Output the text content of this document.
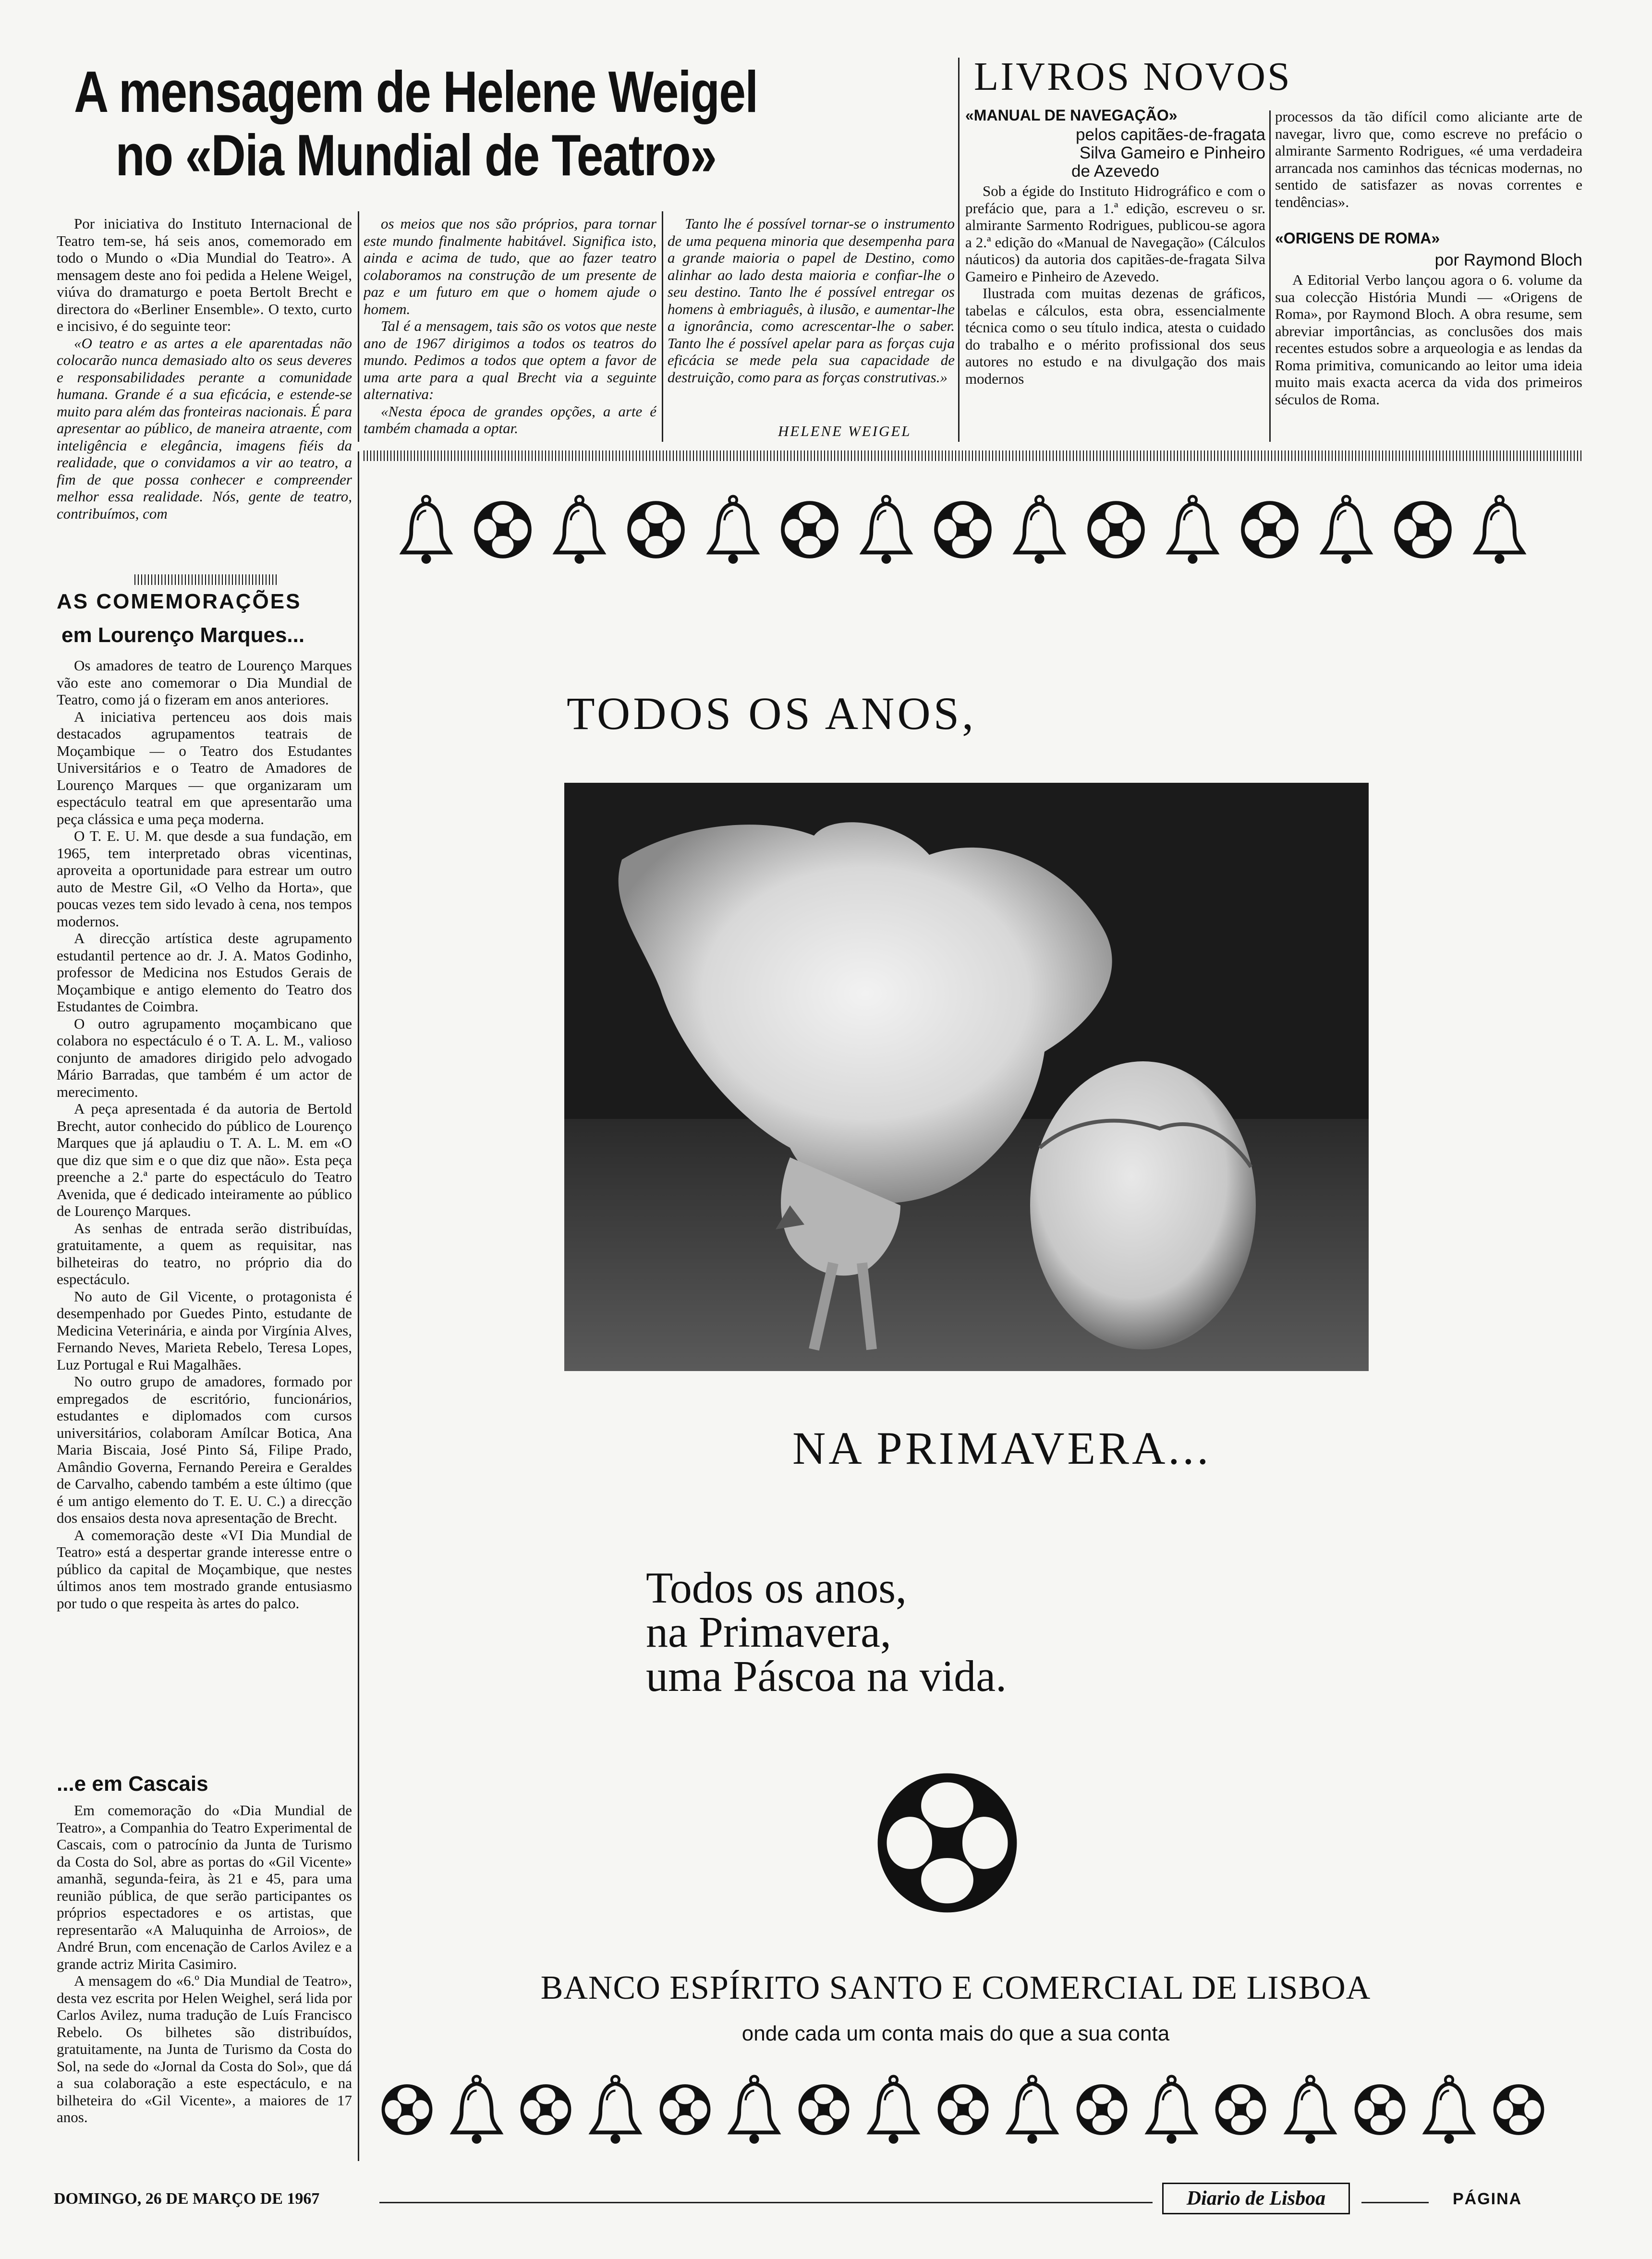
A mensagem de Helene Weigel
no «Dia Mundial de Teatro»

Por iniciativa do Instituto Internacional de Teatro tem-se, há seis anos, comemorado em todo o Mundo o «Dia Mundial do Teatro». A mensagem deste ano foi pedida a Helene Weigel, viúva do dramaturgo e poeta Bertolt Brecht e directora do «Berliner Ensemble». O texto, curto e incisivo, é do seguinte teor:

«O teatro e as artes a ele aparentadas não colocarão nunca demasiado alto os seus deveres e responsabilidades perante a comunidade humana. Grande é a sua eficácia, e estende-se muito para além das fronteiras nacionais. É para apresentar ao público, de maneira atraente, com inteligência e elegância, imagens fiéis da realidade, que o convidamos a vir ao teatro, a fim de que possa conhecer e compreender melhor essa realidade. Nós, gente de teatro, contribuímos, com

os meios que nos são próprios, para tornar este mundo finalmente habitável. Significa isto, ainda e acima de tudo, que ao fazer teatro colaboramos na construção de um presente de paz e um futuro em que o homem ajude o homem.

Tal é a mensagem, tais são os votos que neste ano de 1967 dirigimos a todos os teatros do mundo. Pedimos a todos que optem a favor de uma arte para a qual Brecht via a seguinte alternativa:

«Nesta época de grandes opções, a arte é também chamada a optar.

Tanto lhe é possível tornar-se o instrumento de uma pequena minoria que desempenha para a grande maioria o papel de Destino, como alinhar ao lado desta maioria e confiar-lhe o seu destino. Tanto lhe é possível entregar os homens à embriaguês, à ilusão, e aumentar-lhe a ignorância, como acrescentar-lhe o saber. Tanto lhe é possível apelar para as forças cuja eficácia se mede pela sua capacidade de destruição, como para as forças construtivas.»

HELENE WEIGEL
LIVROS NOVOS
«MANUAL DE NAVEGAÇÃO»
pelos capitães-de-fragata
Silva Gameiro e Pinheiro
de Azevedo

Sob a égide do Instituto Hidrográfico e com o prefácio que, para a 1.ª edição, escreveu o sr. almirante Sarmento Rodrigues, publicou-se agora a 2.ª edição do «Manual de Navegação» (Cálculos náuticos) da autoria dos capitães-de-fragata Silva Gameiro e Pinheiro de Azevedo.

Ilustrada com muitas dezenas de gráficos, tabelas e cálculos, esta obra, essencialmente técnica como o seu título indica, atesta o cuidado do trabalho e o mérito profissional dos seus autores no estudo e na divulgação dos mais modernos

processos da tão difícil como aliciante arte de navegar, livro que, como escreve no prefácio o almirante Sarmento Rodrigues, «é uma verdadeira arrancada nos caminhos das técnicas modernas, no sentido de satisfazer as novas correntes e tendências».

«ORIGENS DE ROMA»
por Raymond Bloch

A Editorial Verbo lançou agora o 6. volume da sua colecção História Mundi — «Origens de Roma», por Raymond Bloch. A obra resume, sem abreviar importâncias, as conclusões dos mais recentes estudos sobre a arqueologia e as lendas da Roma primitiva, comunicando ao leitor uma ideia muito mais exacta acerca da vida dos primeiros séculos de Roma.

AS COMEMORAÇÕES
em Lourenço Marques...

Os amadores de teatro de Lourenço Marques vão este ano comemorar o Dia Mundial de Teatro, como já o fizeram em anos anteriores.

A iniciativa pertenceu aos dois mais destacados agrupamentos teatrais de Moçambique — o Teatro dos Estudantes Universitários e o Teatro de Amadores de Lourenço Marques — que organizaram um espectáculo teatral em que apresentarão uma peça clássica e uma peça moderna.

O T. E. U. M. que desde a sua fundação, em 1965, tem interpretado obras vicentinas, aproveita a oportunidade para estrear um outro auto de Mestre Gil, «O Velho da Horta», que poucas vezes tem sido levado à cena, nos tempos modernos.

A direcção artística deste agrupamento estudantil pertence ao dr. J. A. Matos Godinho, professor de Medicina nos Estudos Gerais de Moçambique e antigo elemento do Teatro dos Estudantes de Coimbra.

O outro agrupamento moçambicano que colabora no espectáculo é o T. A. L. M., valioso conjunto de amadores dirigido pelo advogado Mário Barradas, que também é um actor de merecimento.

A peça apresentada é da autoria de Bertold Brecht, autor conhecido do público de Lourenço Marques que já aplaudiu o T. A. L. M. em «O que diz que sim e o que diz que não». Esta peça preenche a 2.ª parte do espectáculo do Teatro Avenida, que é dedicado inteiramente ao público de Lourenço Marques.

As senhas de entrada serão distribuídas, gratuitamente, a quem as requisitar, nas bilheteiras do teatro, no próprio dia do espectáculo.

No auto de Gil Vicente, o protagonista é desempenhado por Guedes Pinto, estudante de Medicina Veterinária, e ainda por Virgínia Alves, Fernando Neves, Marieta Rebelo, Teresa Lopes, Luz Portugal e Rui Magalhães.

No outro grupo de amadores, formado por empregados de escritório, funcionários, estudantes e diplomados com cursos universitários, colaboram Amílcar Botica, Ana Maria Biscaia, José Pinto Sá, Filipe Prado, Amândio Governa, Fernando Pereira e Geraldes de Carvalho, cabendo também a este último (que é um antigo elemento do T. E. U. C.) a direcção dos ensaios desta nova apresentação de Brecht.

A comemoração deste «VI Dia Mundial de Teatro» está a despertar grande interesse entre o público da capital de Moçambique, que nestes últimos anos tem mostrado grande entusiasmo por tudo o que respeita às artes do palco.

...e em Cascais

Em comemoração do «Dia Mundial de Teatro», a Companhia do Teatro Experimental de Cascais, com o patrocínio da Junta de Turismo da Costa do Sol, abre as portas do «Gil Vicente» amanhã, segunda-feira, às 21 e 45, para uma reunião pública, de que serão participantes os próprios espectadores e os artistas, que representarão «A Maluquinha de Arroios», de André Brun, com encenação de Carlos Avilez e a grande actriz Mirita Casimiro.

A mensagem do «6.º Dia Mundial de Teatro», desta vez escrita por Helen Weighel, será lida por Carlos Avilez, numa tradução de Luís Francisco Rebelo. Os bilhetes são distribuídos, gratuitamente, na Junta de Turismo da Costa do Sol, na sede do «Jornal da Costa do Sol», que dá a sua colaboração a este espectáculo, e na bilheteira do «Gil Vicente», a maiores de 17 anos.

TODOS OS ANOS,
NA PRIMAVERA...
Todos os anos,
na Primavera,
uma Páscoa na vida.
BANCO ESPÍRITO SANTO E COMERCIAL DE LISBOA
onde cada um conta mais do que a sua conta
DOMINGO, 26 DE MARÇO DE 1967	Diario de Lisboa	PÁGINA
